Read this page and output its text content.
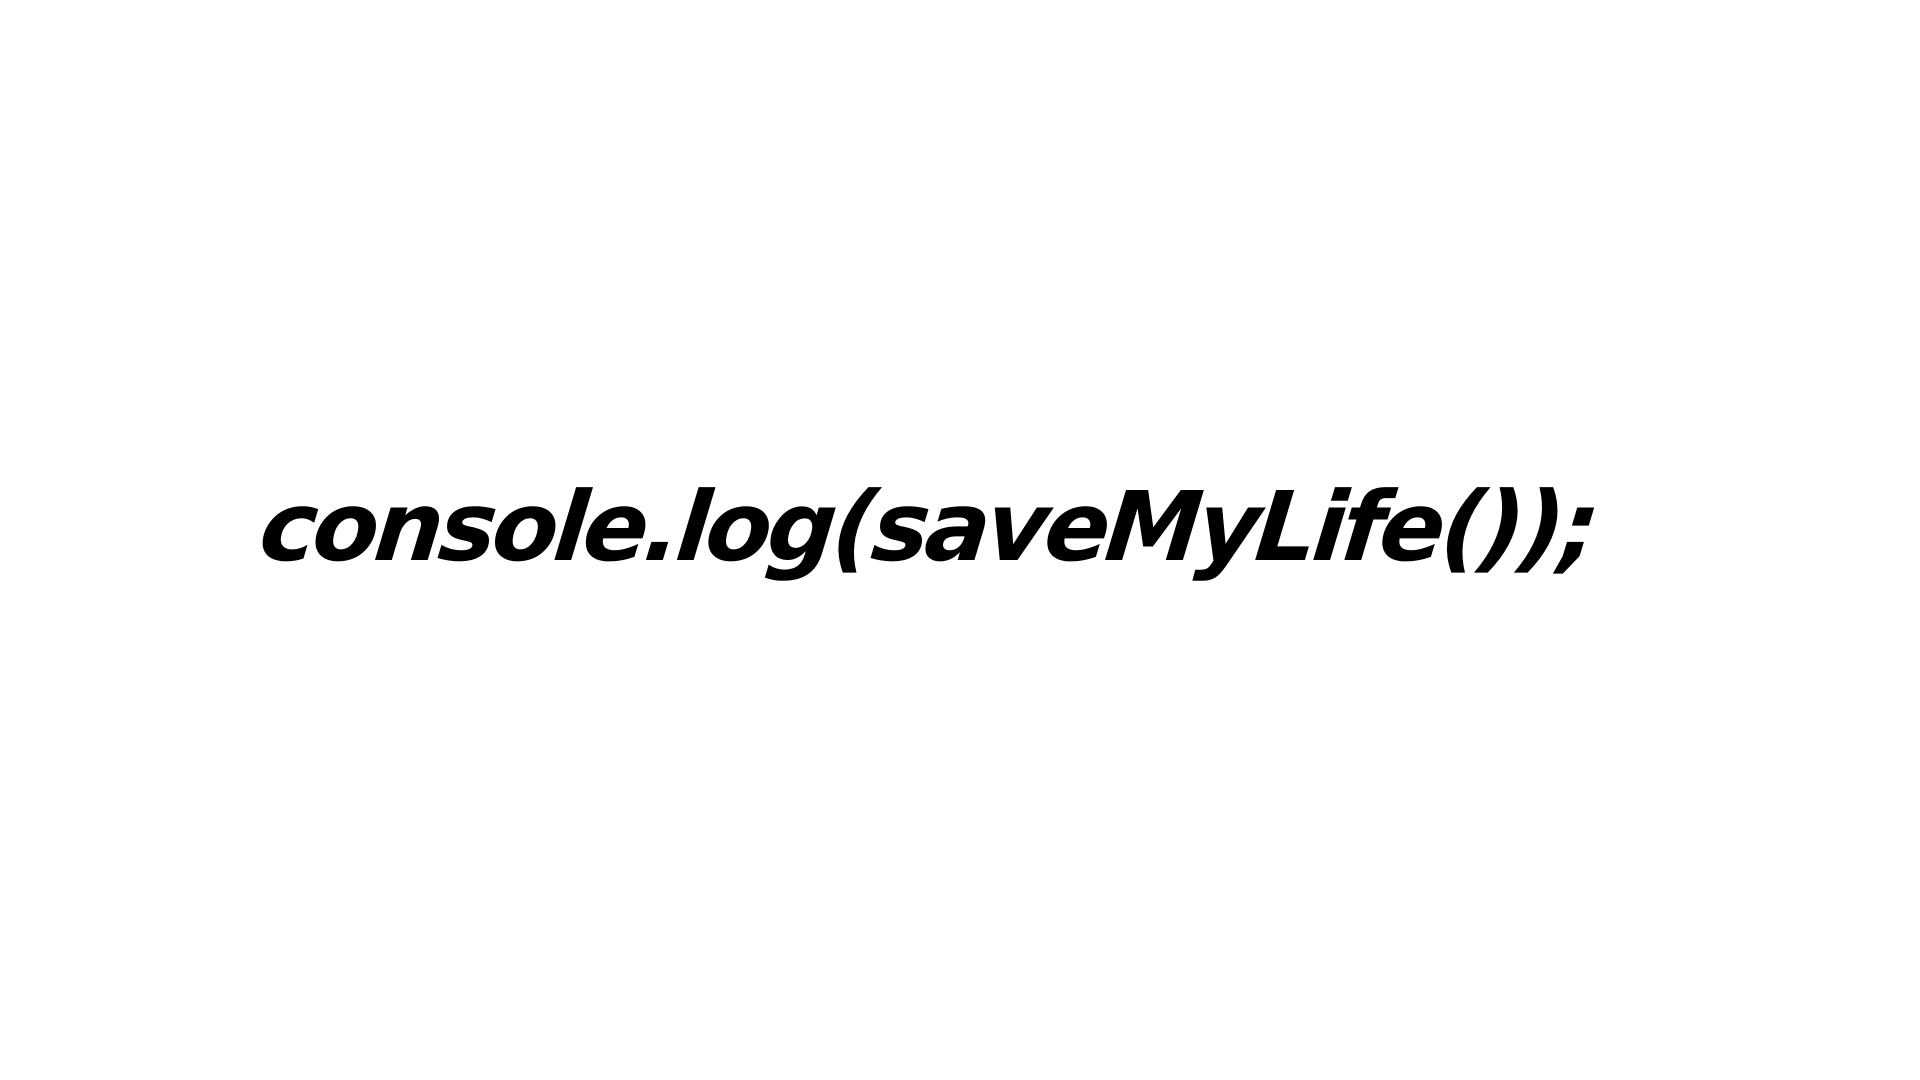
console.log(saveMyLife());
